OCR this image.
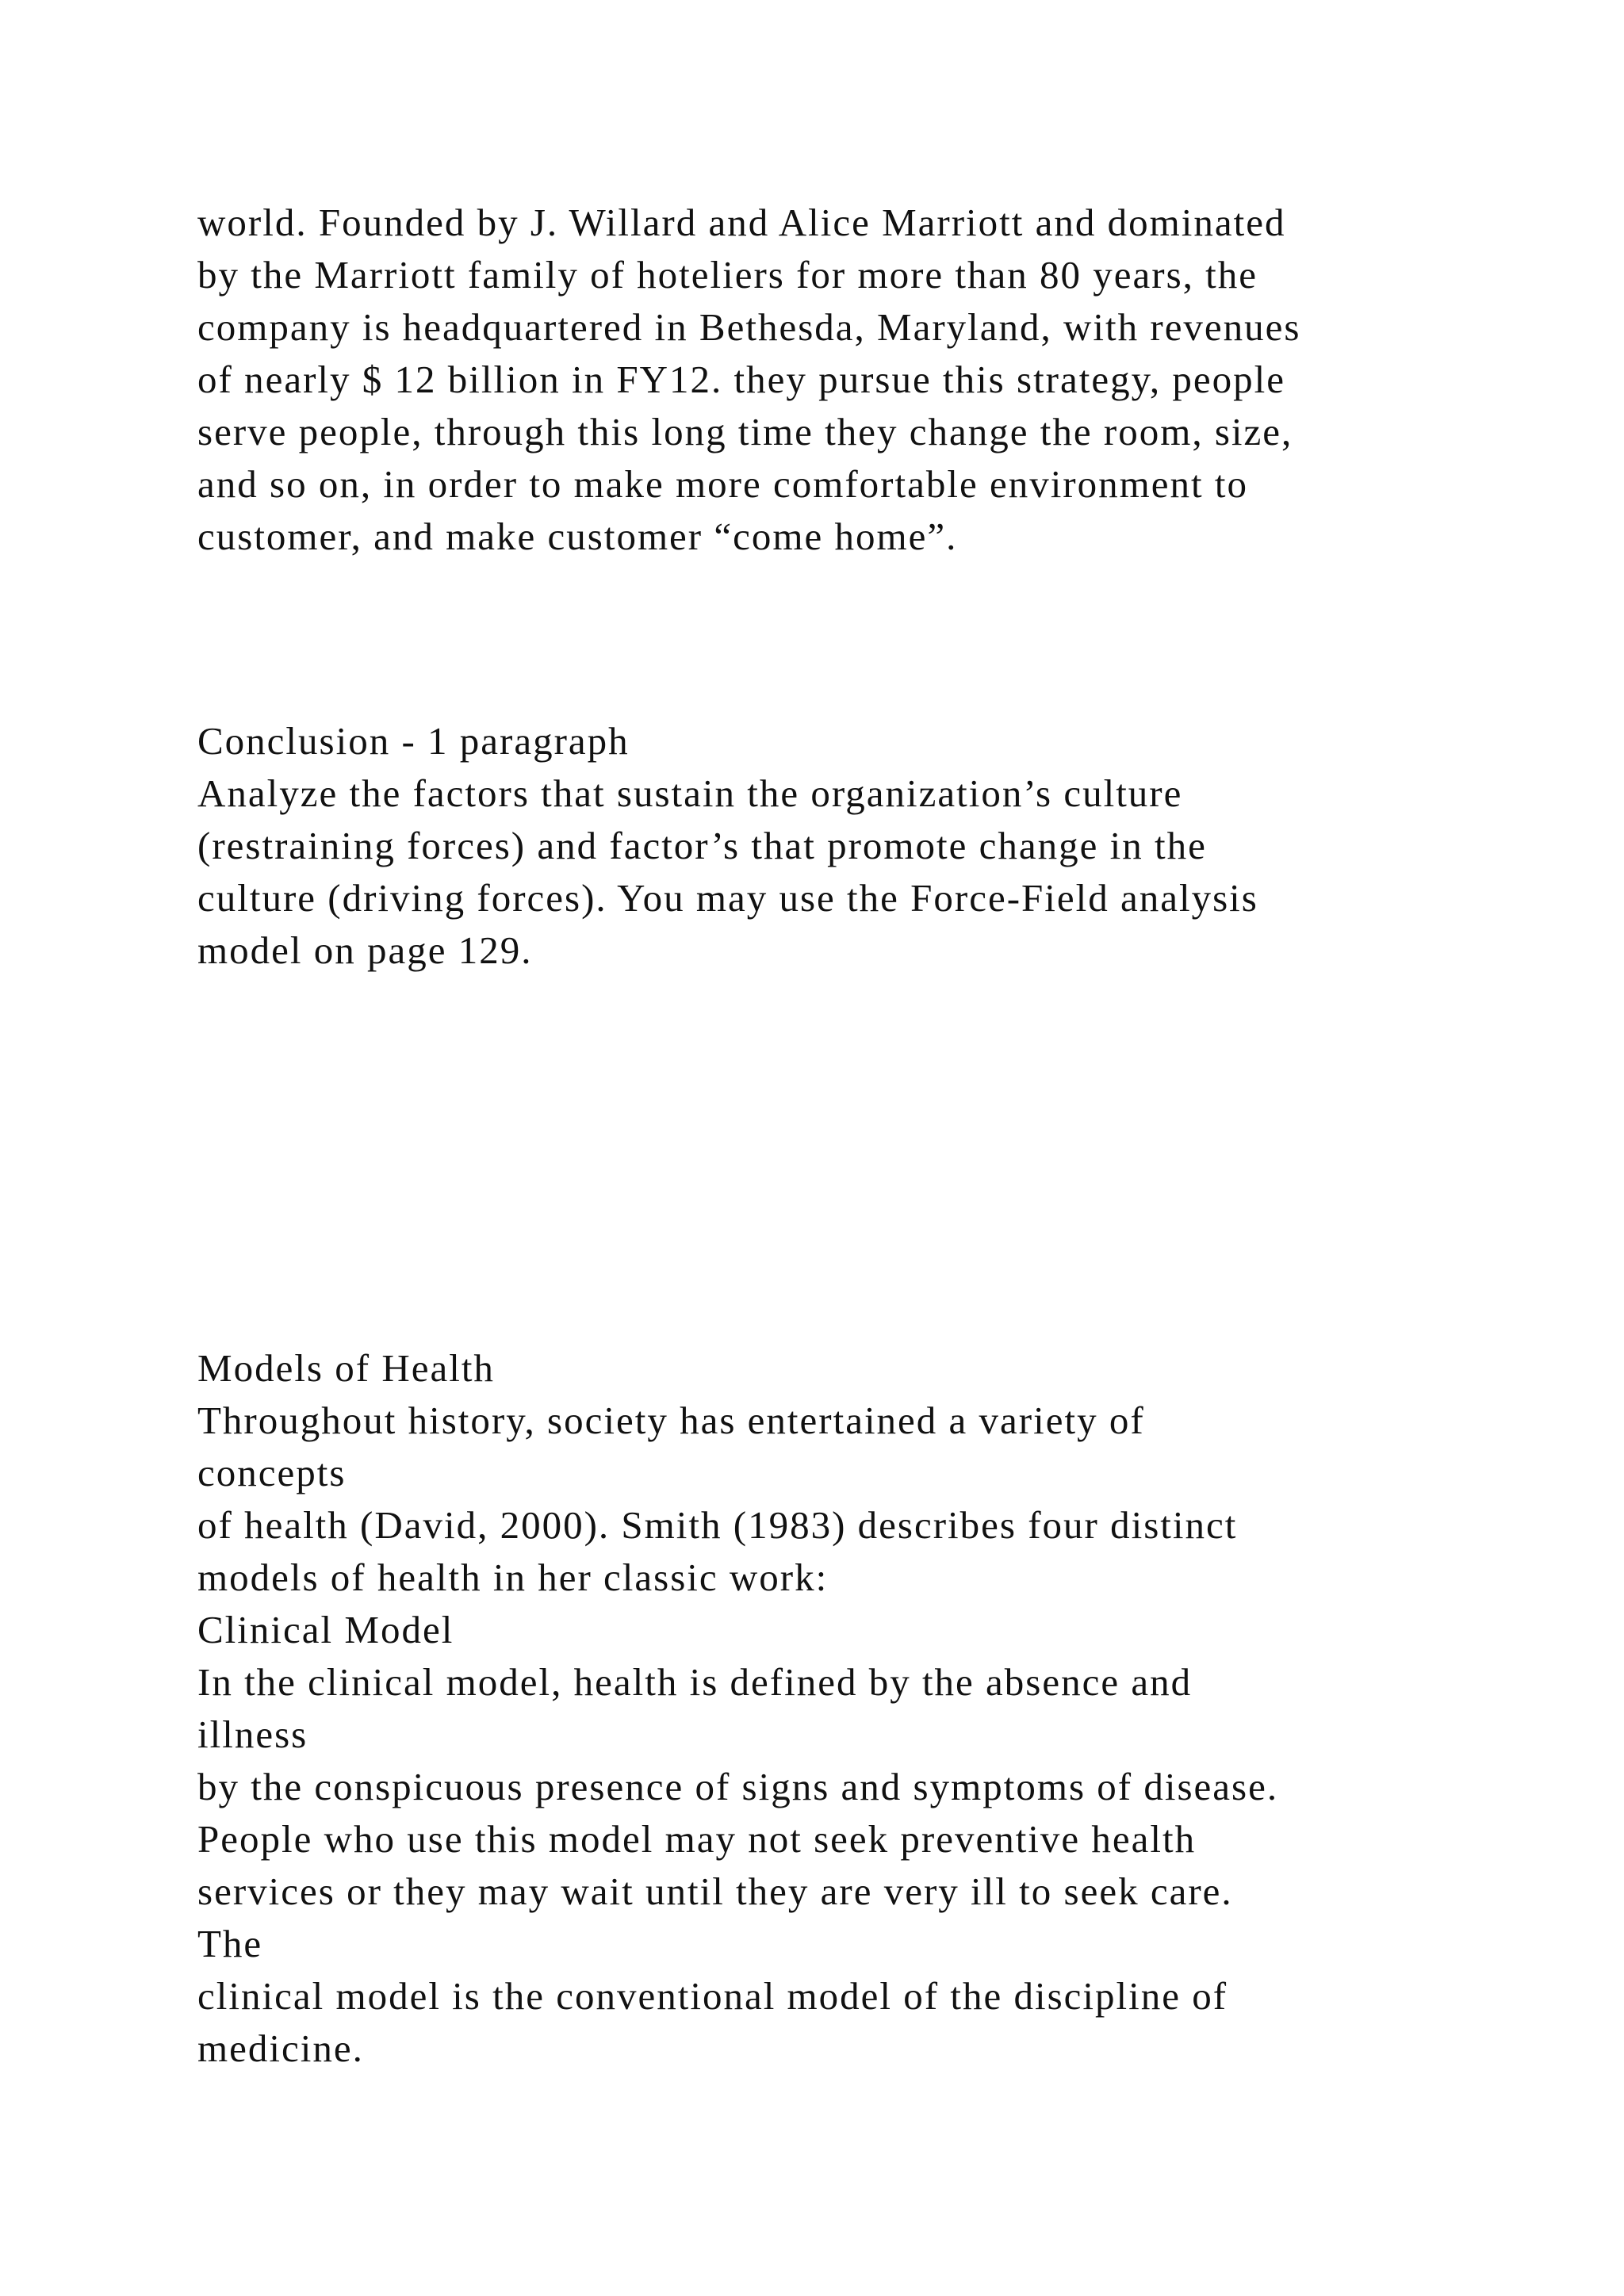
world. Founded by J. Willard and Alice Marriott and dominated
by the Marriott family of hoteliers for more than 80 years, the
company is headquartered in Bethesda, Maryland, with revenues
of nearly $ 12 billion in FY12. they pursue this strategy, people
serve people, through this long time they change the room, size,
and so on, in order to make more comfortable environment to
customer, and make customer “come home”.
Conclusion - 1 paragraph
Analyze the factors that sustain the organization’s culture
(restraining forces) and factor’s that promote change in the
culture (driving forces). You may use the Force-Field analysis
model on page 129.
Models of Health
Throughout history, society has entertained a variety of
concepts
of health (David, 2000). Smith (1983) describes four distinct
models of health in her classic work:
Clinical Model
In the clinical model, health is defined by the absence and
illness
by the conspicuous presence of signs and symptoms of disease.
People who use this model may not seek preventive health
services or they may wait until they are very ill to seek care.
The
clinical model is the conventional model of the discipline of
medicine.
